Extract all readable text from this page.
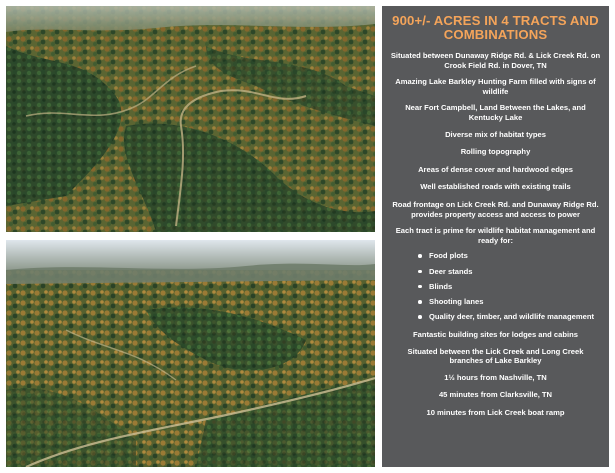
900+/- ACRES IN 4 TRACTS AND COMBINATIONS
Situated between Dunaway Ridge Rd. & Lick Creek Rd. on Crook Field Rd. in Dover, TN
Amazing Lake Barkley Hunting Farm filled with signs of wildlife
Near Fort Campbell, Land Between the Lakes, and Kentucky Lake
Diverse mix of habitat types
Rolling topography
Areas of dense cover and hardwood edges
Well established roads with existing trails
Road frontage on Lick Creek Rd. and Dunaway Ridge Rd. provides property access and access to power
Each tract is prime for wildlife habitat management and ready for:
Food plots
Deer stands
Blinds
Shooting lanes
Quality deer, timber, and wildlife management
Fantastic building sites for lodges and cabins
Situated between the Lick Creek and Long Creek branches of Lake Barkley
1½ hours from Nashville, TN
45 minutes from Clarksville, TN
10 minutes from Lick Creek boat ramp
